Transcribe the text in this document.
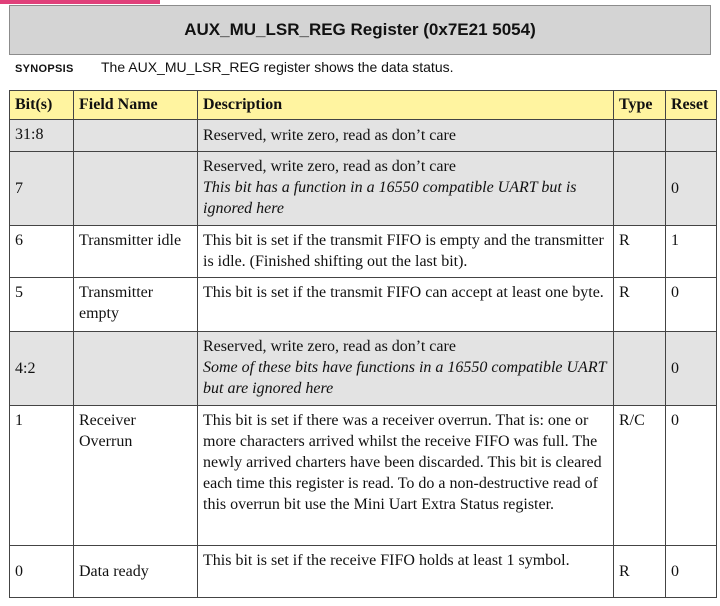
AUX_MU_LSR_REG Register (0x7E21 5054)
SYNOPSIS The AUX_MU_LSR_REG register shows the data status.
Bit(s)	Field Name	Description	Type	Reset
31:8		Reserved, write zero, read as don’t care		

7		Reserved, write zero, read as don’t care
This bit has a function in a 16550 compatible UART but is ignored here		0
6	Transmitter idle	This bit is set if the transmit FIFO is empty and the transmitter is idle. (Finished shifting out the last bit).	R	1
5	Transmitter empty	This bit is set if the transmit FIFO can accept at least one byte.	R	0
4:2		Reserved, write zero, read as don’t care
Some of these bits have functions in a 16550 compatible UART but are ignored here		0
1	Receiver Overrun	This bit is set if there was a receiver overrun. That is: one or more characters arrived whilst the receive FIFO was full. The newly arrived charters have been discarded. This bit is cleared each time this register is read. To do a non-destructive read of this overrun bit use the Mini Uart Extra Status register.	R/C	0
0	Data ready	This bit is set if the receive FIFO holds at least 1 symbol.	R	0
